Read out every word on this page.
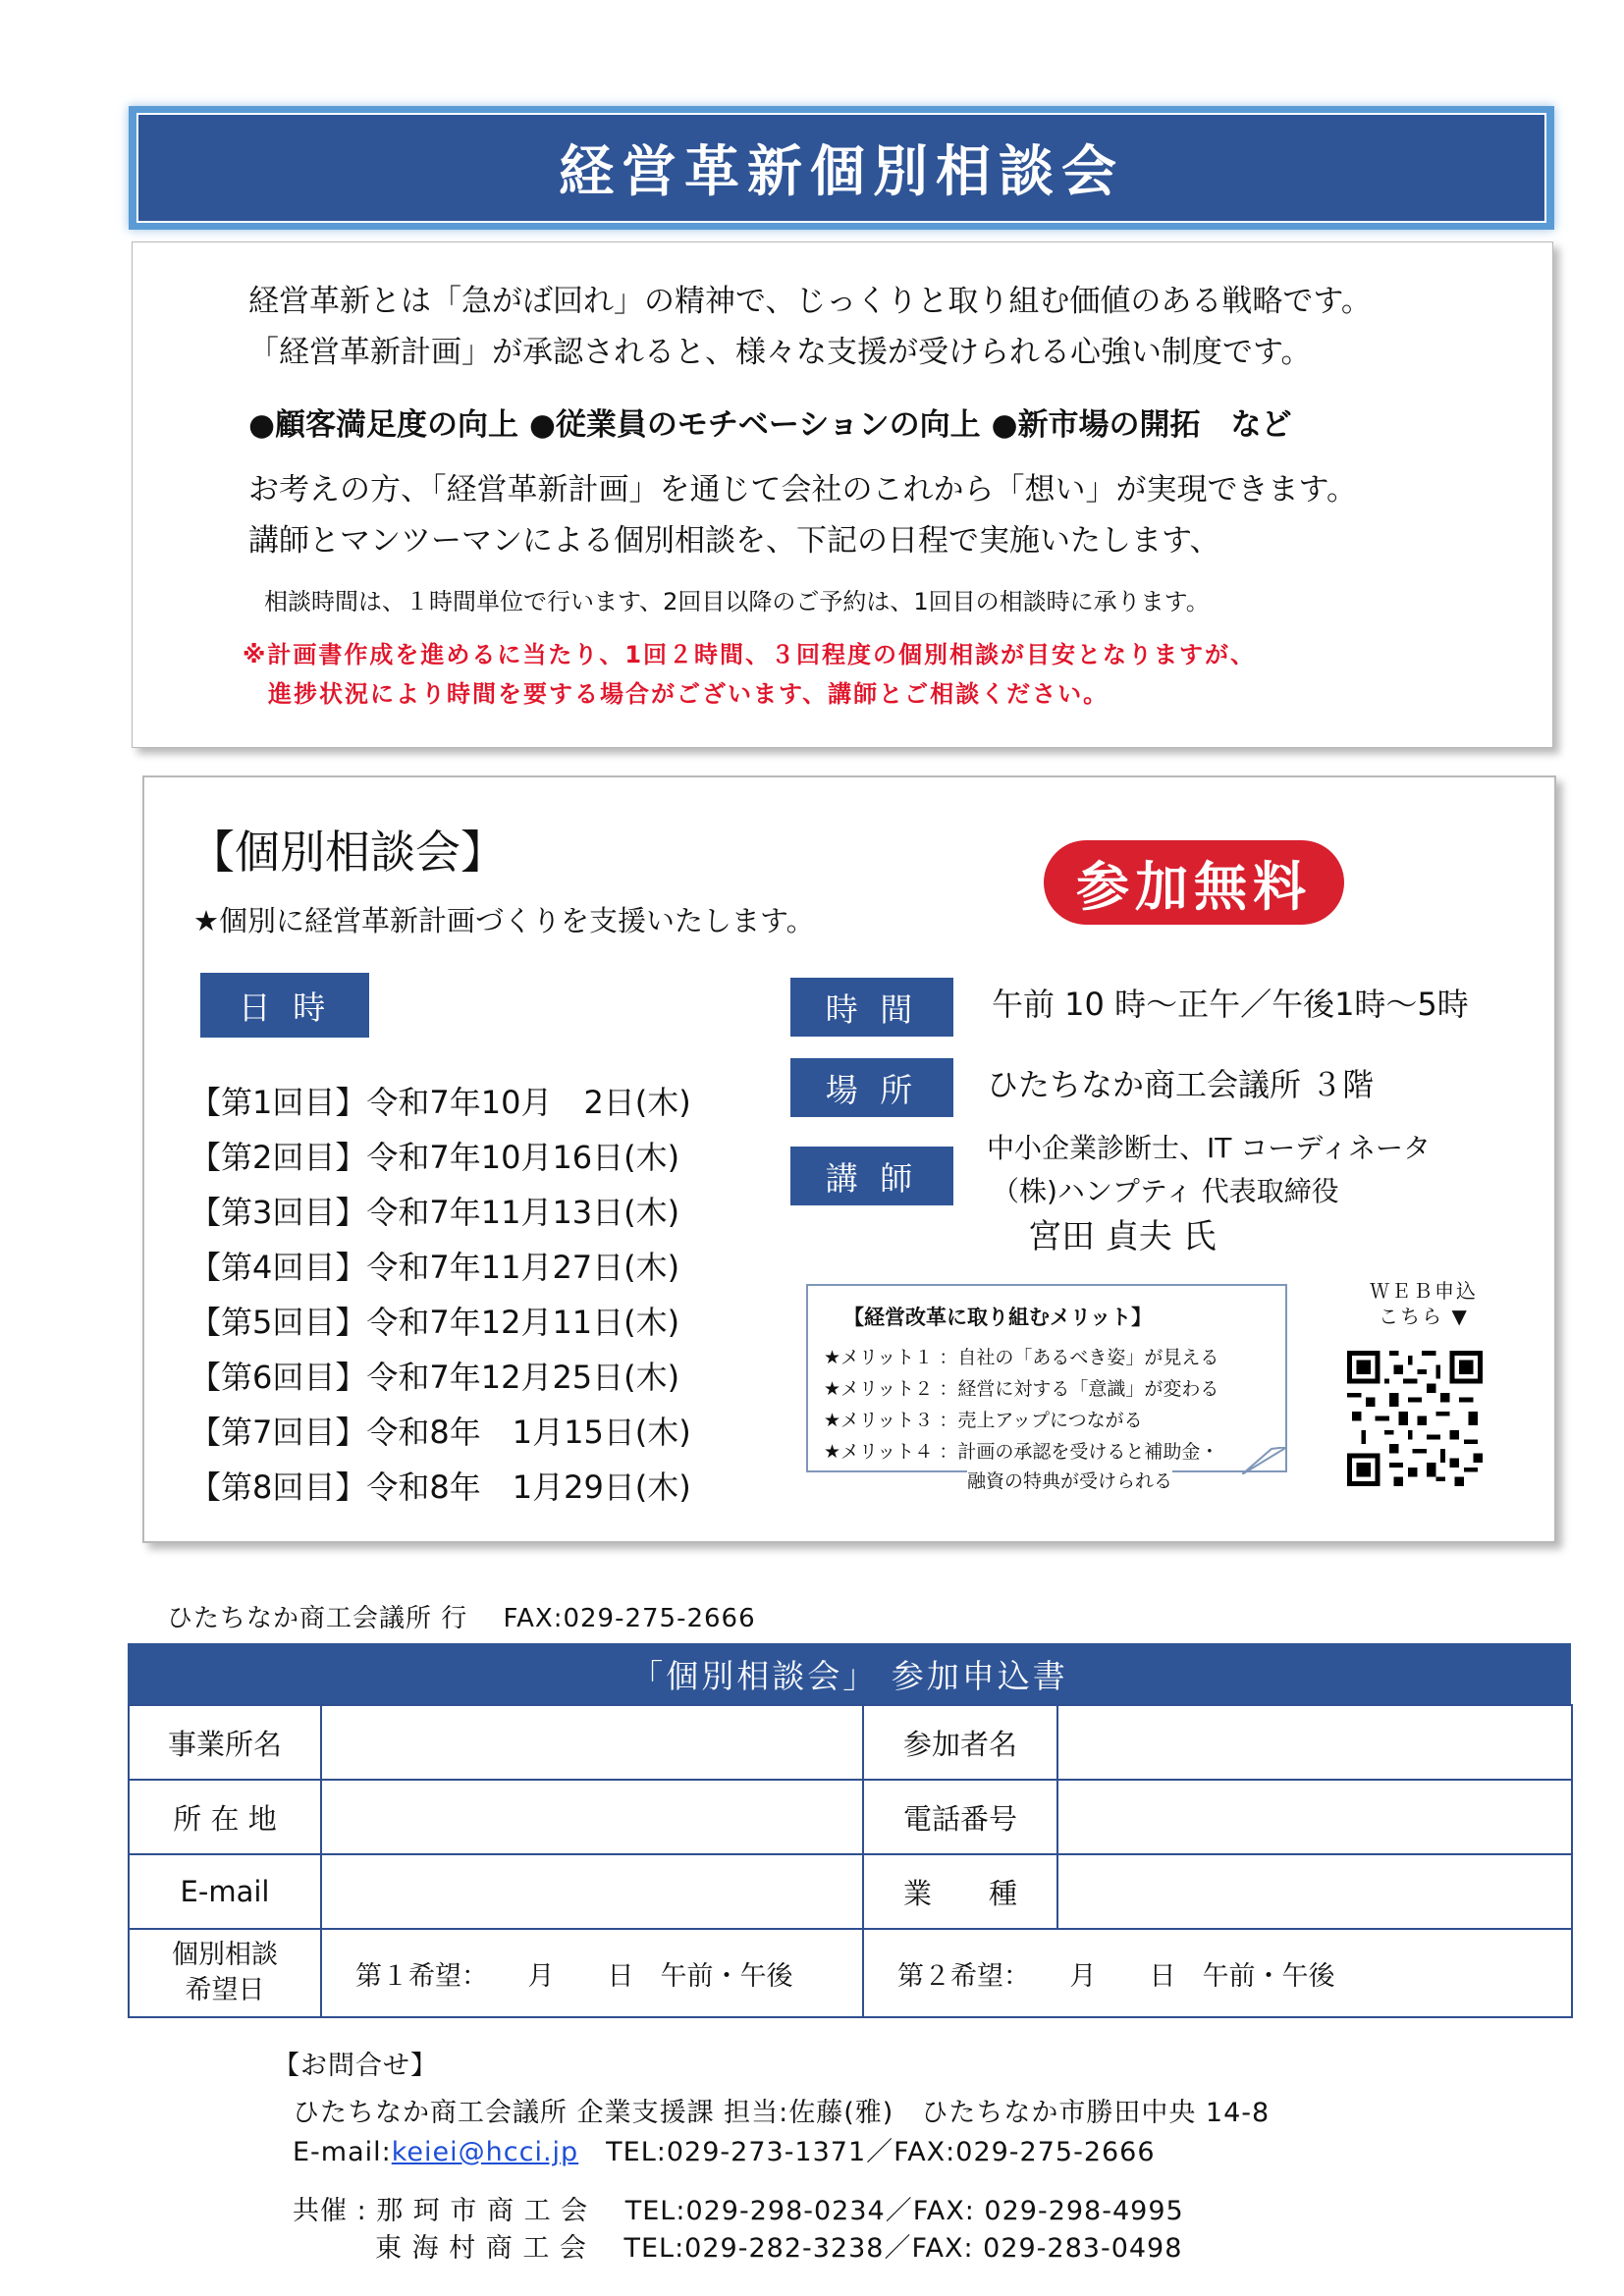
経営革新個別相談会

経営革新とは「急がば回れ」の精神で、じっくりと取り組む価値のある戦略です。

「経営革新計画」が承認されると、様々な支援が受けられる心強い制度です。

●顧客満足度の向上 ●従業員のモチベーションの向上 ●新市場の開拓　など

お考えの方、「経営革新計画」を通じて会社のこれから「想い」が実現できます。

講師とマンツーマンによる個別相談を、下記の日程で実施いたします、

相談時間は、１時間単位で行います、2回目以降のご予約は、1回目の相談時に承ります。

※計画書作成を進めるに当たり、1回２時間、３回程度の個別相談が目安となりますが、

進捗状況により時間を要する場合がございます、講師とご相談ください。

【個別相談会】
★個別に経営革新計画づくりを支援いたします。
参加無料
日 時
【第1回目】令和7年10月　2日(木)
【第2回目】令和7年10月16日(木)
【第3回目】令和7年11月13日(木)
【第4回目】令和7年11月27日(木)
【第5回目】令和7年12月11日(木)
【第6回目】令和7年12月25日(木)
【第7回目】令和8年　1月15日(木)
【第8回目】令和8年　1月29日(木)
時 間	午前 10 時～正午／午後1時～5時
場 所	ひたちなか商工会議所 ３階
講 師
中小企業診断士、IT コーディネータ
（株)ハンプティ 代表取締役
宮田 貞夫 氏
【経営改革に取り組むメリット】
★メリット１ ：自社の「あるべき姿」が見える
★メリット２ ：経営に対する「意識」が変わる
★メリット３ ：売上アップにつながる
★メリット４ ：計画の承認を受けると補助金・
融資の特典が受けられる
ＷＥＢ申込
こちら ▼
ひたちなか商工会議所 行　 FAX:029-275-2666
「個別相談会」 参加申込書
事業所名		参加者名	
所 在 地		電話番号	
E-mail		業　　種	

個別相談
希望日	第１希望：　　月　　日　午前・午後	第２希望：　　月　　日　午前・午後	
【お問合せ】
ひたちなか商工会議所 企業支援課 担当:佐藤(雅)　ひたちなか市勝田中央 14-8
E-mail:keiei@hcci.jp　TEL:029-273-1371／FAX:029-275-2666
共催 : 那 珂 市 商 工 会　 TEL:029-298-0234／FAX: 029-298-4995
　　　東 海 村 商 工 会　 TEL:029-282-3238／FAX: 029-283-0498
